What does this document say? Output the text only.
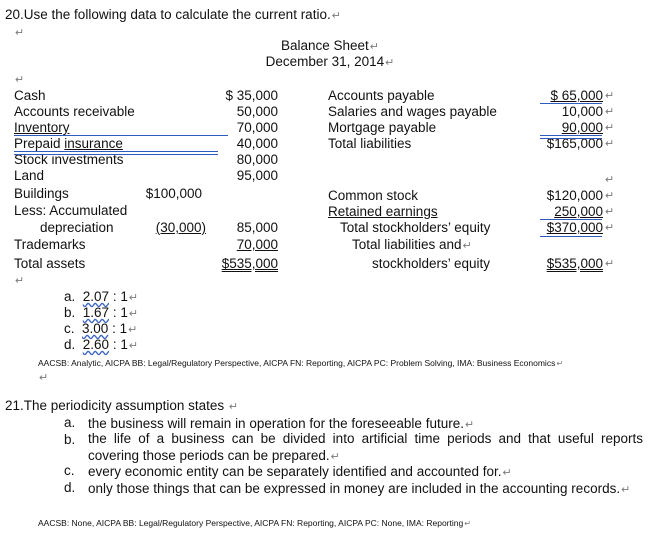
20.Use the following data to calculate the current ratio.↵
↵
Balance Sheet↵
December 31, 2014↵
↵
Cash	$ 35,000
Accounts receivable	50,000
Inventory	70,000
Prepaid insurance	40,000
Stock investments	80,000
Land	95,000
Buildings	$100,000
Less: Accumulated
depreciation	(30,000)	85,000
Trademarks	70,000
Total assets	$535,000
Accounts payable	$ 65,000 ↵
Salaries and wages payable	10,000 ↵
Mortgage payable	90,000 ↵
Total liabilities	$165,000 ↵
↵
Common stock	$120,000 ↵
Retained earnings	250,000 ↵
Total stockholders’ equity	$370,000 ↵
Total liabilities and↵
stockholders’ equity	$535,000 ↵
↵
a. 2.07 : 1↵
b. 1.67 : 1↵
c. 3.00 : 1↵
d. 2.60 : 1↵
AACSB: Analytic, AICPA BB: Legal/Regulatory Perspective, AICPA FN: Reporting, AICPA PC: Problem Solving, IMA: Business Economics↵
↵
21.The periodicity assumption states ↵
a. the business will remain in operation for the foreseeable future.↵
b. the life of a business can be divided into artificial time periods and that useful reports covering those periods can be prepared.↵
c. every economic entity can be separately identified and accounted for.↵
d. only those things that can be expressed in money are included in the accounting records.↵
AACSB: None, AICPA BB: Legal/Regulatory Perspective, AICPA FN: Reporting, AICPA PC: None, IMA: Reporting↵
